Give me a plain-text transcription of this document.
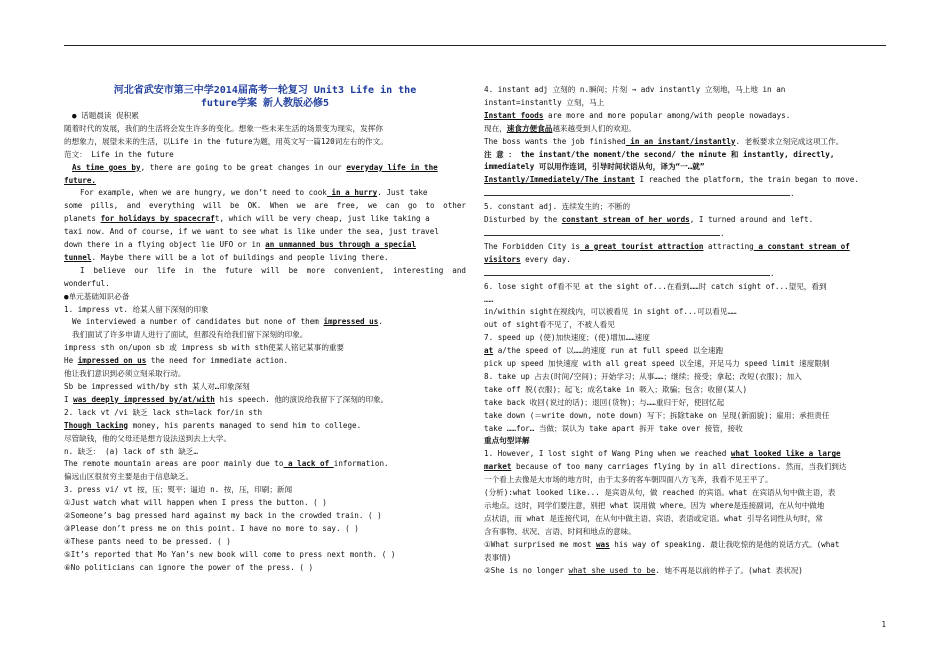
河北省武安市第三中学2014届高考一轮复习 Unit3 Life in the
future学案 新人教版必修5
● 话题晨读 促积累
随着时代的发展，我们的生活将会发生许多的变化。想象一些未来生活的场景变为现实，发挥你
的想象力，展望未来的生活，以Life in the future为题，用英文写一篇120词左右的作文。
范文： Life in the future
As time goes by, there are going to be great changes in our everyday life in the
future.
For example, when we are hungry, we don’t need to cook in a hurry. Just take
some pills, and everything will be OK. When we are free, we can go to other
planets for holidays by spacecraft, which will be very cheap, just like taking a
taxi now. And of course, if we want to see what is like under the sea, just travel
down there in a flying object lie UFO or in an unmanned bus through a special
tunnel. Maybe there will be a lot of buildings and people living there.
I believe our life in the future will be more convenient, interesting and
wonderful.
●单元基础知识必备
1. impress vt. 给某人留下深刻的印象
We interviewed a number of candidates but none of them impressed us.
我们面试了许多申请人进行了面试，但都没有给我们留下深刻的印象。
impress sth on/upon sb 或 impress sb with sth使某人铭记某事的重要
He impressed on us the need for immediate action.
他让我们意识到必须立刻采取行动。
Sb be impressed with/by sth 某人对…印象深刻
I was deeply impressed by/at/with his speech. 他的演说给我留下了深刻的印象。
2. lack vt /vi 缺乏 lack sth=lack for/in sth
Though lacking money, his parents managed to send him to college.
尽管缺钱，他的父母还是想方设法送到去上大学。
n. 缺乏： (a) lack of sth 缺乏…
The remote mountain areas are poor mainly due to a lack of information.
偏远山区很贫穷主要是由于信息缺乏。
3. press vi/ vt 按，压；熨平；逼迫 n. 按，压，印刷；新闻
①Just watch what will happen when I press the button. ( )
②Someone’s bag pressed hard against my back in the crowded train. ( )
③Please don’t press me on this point. I have no more to say. ( )
④These pants need to be pressed. ( )
⑤It’s reported that Mo Yan’s new book will come to press next month. ( )
⑥No politicians can ignore the power of the press. ( )
4. instant adj 立刻的 n.瞬间；片刻 → adv instantly 立刻地，马上地 in an
instant=instantly 立刻，马上
Instant foods are more and more popular among/with people nowadays.
现在，速食方便食品越来越受到人们的欢迎。
The boss wants the job finished in an instant/instantly. 老板要求立刻完成这项工作。
注 意 ： the instant/the moment/the second/ the minute 和 instantly, directly,
immediately 可以用作连词，引导时间状语从句，译为“一…就”
Instantly/Immediately/The instant I reached the platform, the train began to move.
.
5. constant adj. 连续发生的；不断的
Disturbed by the constant stream of her words, I turned around and left.
.
The Forbidden City is a great tourist attraction attracting a constant stream of
visitors every day.
.
6. lose sight of看不见 at the sight of...在看到……时 catch sight of...望见，看到
……
in/within sight在视线内，可以被看见 in sight of...可以看见……
out of sight看不见了，不被人看见
7. speed up (使)加快速度；(使)增加……速度
at a/the speed of 以……的速度 run at full speed 以全速跑
pick up speed 加快速度 with all great speed 以全速，开足马力 speed limit 速度限制
8. take up 占去(时间/空间)；开始学习；从事……；继续；接受；拿起；改短(衣服)；加入
take off 脱(衣服)；起飞；成名take in 吸入；欺骗；包含；收留(某人)
take back 收回(说过的话)；退回(货物)；与……重归于好，使回忆起
take down (＝write down, note down) 写下；拆除take on 呈现(新面貌)；雇用；承担责任
take ……for… 当做；误认为 take apart 拆开 take over 接管，接收
重点句型详解
1. However, I lost sight of Wang Ping when we reached what looked like a large
market because of too many carriages flying by in all directions. 然而，当我们到达
一个看上去像是大市场的地方时，由于太多的客车朝四面八方飞奔，我看不见王平了。
(分析):what looked like... 是宾语从句，做 reached 的宾语。what 在宾语从句中做主语，表
示地点。这时，同学们要注意，别把 what 误用做 where。因为 where是连接副词，在从句中做地
点状语，而 what 是连接代词，在从句中做主语、宾语、表语或定语。what 引导名词性从句时，常
含有事物、状况、言语、时间和地点的意味。
①What surprised me most was his way of speaking. 最让我吃惊的是他的说话方式。(what
表事情)
②She is no longer what she used to be. 她不再是以前的样子了。(what 表状况)
1
